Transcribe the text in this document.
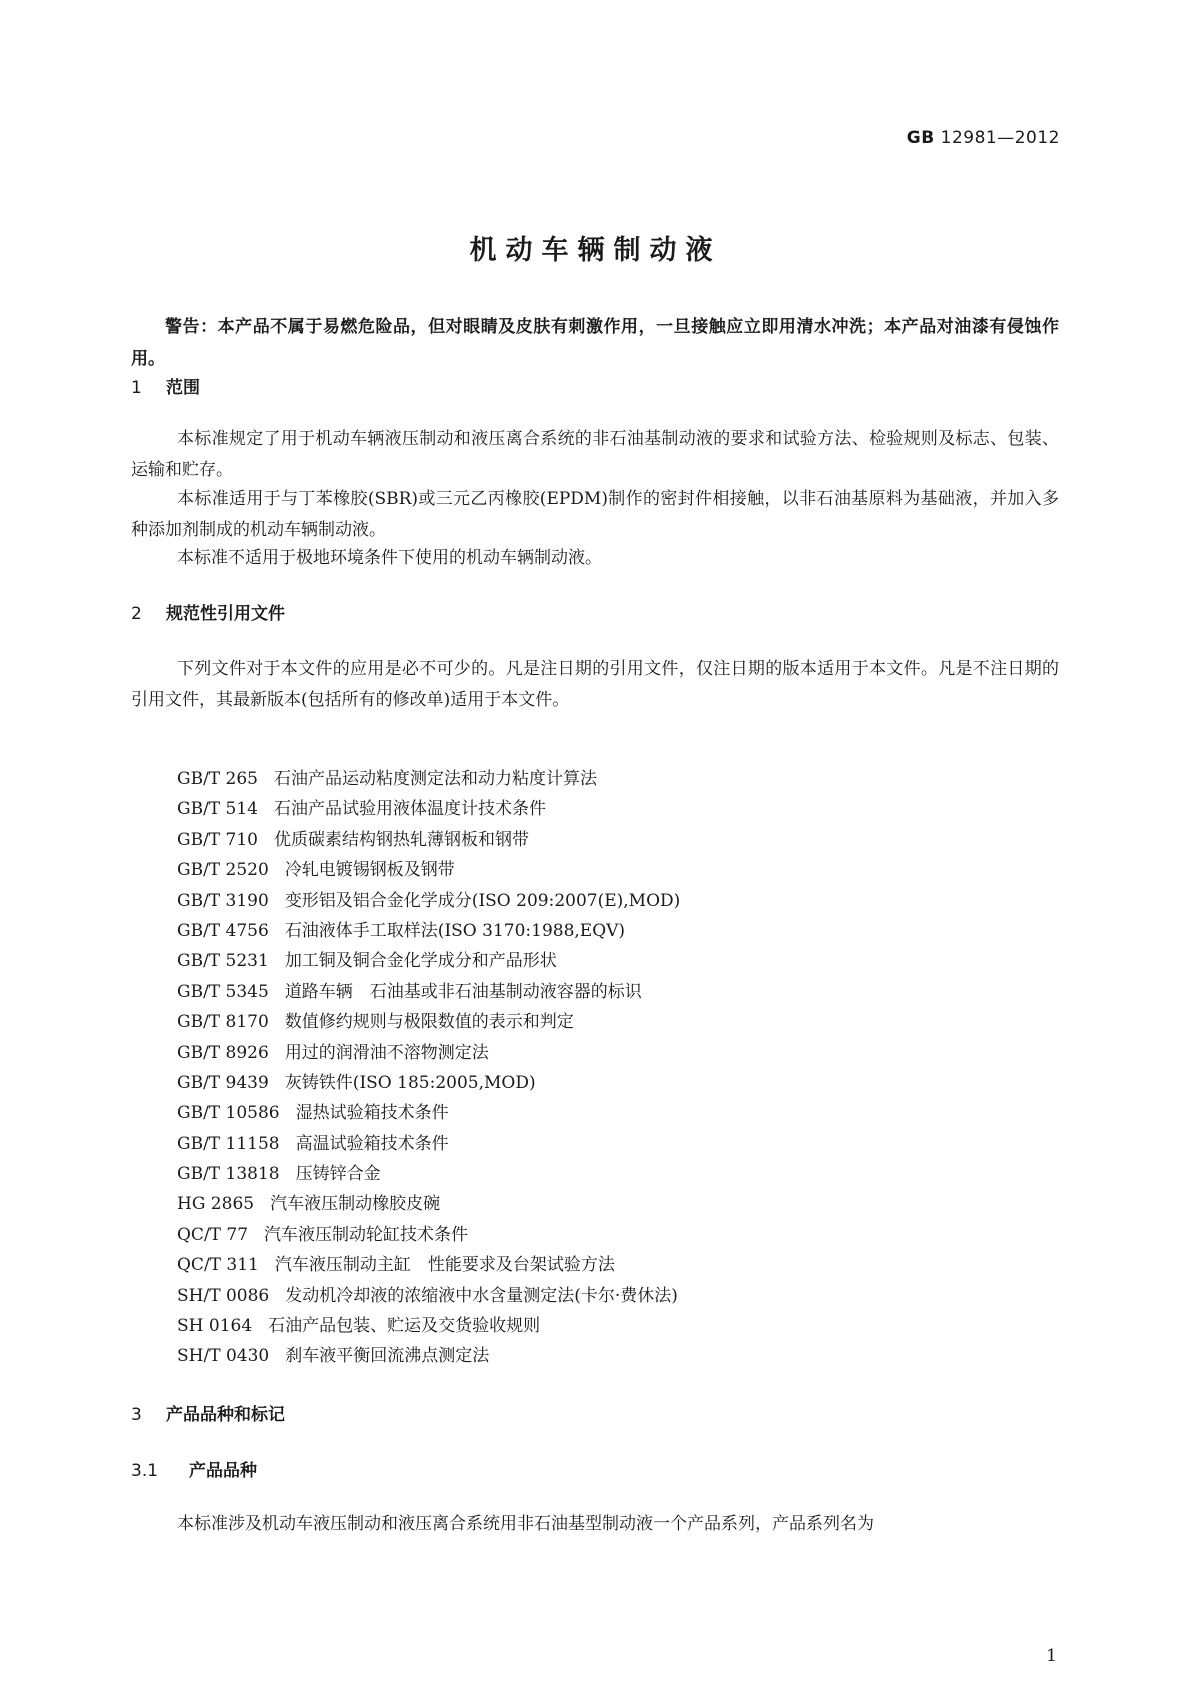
GB 12981—2012
机动车辆制动液
警告：本产品不属于易燃危险品，但对眼睛及皮肤有刺激作用，一旦接触应立即用清水冲洗；本产品对油漆有侵蚀作用。
1 范围
本标准规定了用于机动车辆液压制动和液压离合系统的非石油基制动液的要求和试验方法、检验规则及标志、包装、运输和贮存。
本标准适用于与丁苯橡胶(SBR)或三元乙丙橡胶(EPDM)制作的密封件相接触，以非石油基原料为基础液，并加入多种添加剂制成的机动车辆制动液。
本标准不适用于极地环境条件下使用的机动车辆制动液。
2 规范性引用文件
下列文件对于本文件的应用是必不可少的。凡是注日期的引用文件，仅注日期的版本适用于本文件。凡是不注日期的引用文件，其最新版本(包括所有的修改单)适用于本文件。
GB/T 265 石油产品运动粘度测定法和动力粘度计算法
GB/T 514 石油产品试验用液体温度计技术条件
GB/T 710 优质碳素结构钢热轧薄钢板和钢带
GB/T 2520 冷轧电镀锡钢板及钢带
GB/T 3190 变形铝及铝合金化学成分(ISO 209:2007(E),MOD)
GB/T 4756 石油液体手工取样法(ISO 3170:1988,EQV)
GB/T 5231 加工铜及铜合金化学成分和产品形状
GB/T 5345 道路车辆　石油基或非石油基制动液容器的标识
GB/T 8170 数值修约规则与极限数值的表示和判定
GB/T 8926 用过的润滑油不溶物测定法
GB/T 9439 灰铸铁件(ISO 185:2005,MOD)
GB/T 10586 湿热试验箱技术条件
GB/T 11158 高温试验箱技术条件
GB/T 13818 压铸锌合金
HG 2865 汽车液压制动橡胶皮碗
QC/T 77 汽车液压制动轮缸技术条件
QC/T 311 汽车液压制动主缸　性能要求及台架试验方法
SH/T 0086 发动机冷却液的浓缩液中水含量测定法(卡尔·费休法)
SH 0164 石油产品包装、贮运及交货验收规则
SH/T 0430 刹车液平衡回流沸点测定法
3 产品品种和标记
3.1 产品品种
本标准涉及机动车液压制动和液压离合系统用非石油基型制动液一个产品系列，产品系列名为
1
